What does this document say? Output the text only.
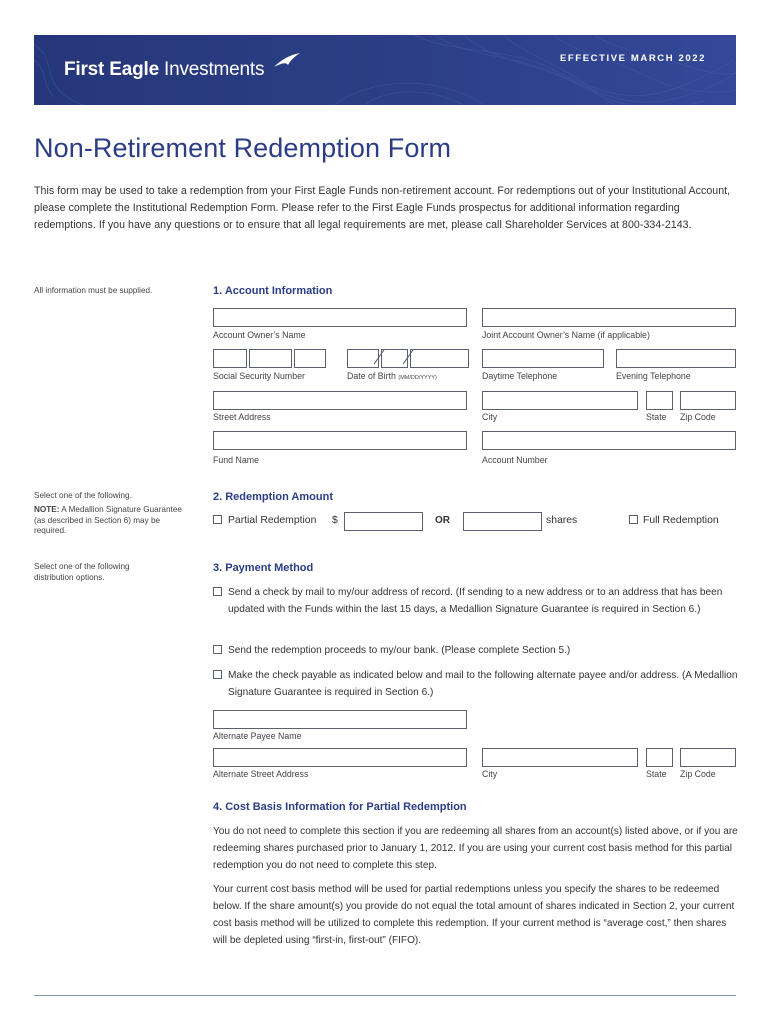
First Eagle Investments
EFFECTIVE MARCH 2022
Non-Retirement Redemption Form
This form may be used to take a redemption from your First Eagle Funds non-retirement account. For redemptions out of your Institutional Account, please complete the Institutional Redemption Form. Please refer to the First Eagle Funds prospectus for additional information regarding redemptions. If you have any questions or to ensure that all legal requirements are met, please call Shareholder Services at 800-334-2143.
All information must be supplied.
Select one of the following.
NOTE: A Medallion Signature Guarantee (as described in Section 6) may be required.
Select one of the following distribution options.
1. Account Information
Account Owner’s Name	Joint Account Owner’s Name (if applicable)
Social Security Number	Date of Birth (MM/DD/YYYY)	Daytime Telephone	Evening Telephone
Street Address	City	State Zip Code
Fund Name	Account Number
2. Redemption Amount
Partial Redemption $	OR	shares	Full Redemption
3. Payment Method
Send a check by mail to my/our address of record. (If sending to a new address or to an address that has been updated with the Funds within the last 15 days, a Medallion Signature Guarantee is required in Section 6.)
Send the redemption proceeds to my/our bank. (Please complete Section 5.)
Make the check payable as indicated below and mail to the following alternate payee and/or address. (A Medallion Signature Guarantee is required in Section 6.)
Alternate Payee Name
Alternate Street Address	City	State Zip Code
4. Cost Basis Information for Partial Redemption
You do not need to complete this section if you are redeeming all shares from an account(s) listed above, or if you are redeeming shares purchased prior to January 1, 2012. If you are using your current cost basis method for this partial redemption you do not need to complete this step.
Your current cost basis method will be used for partial redemptions unless you specify the shares to be redeemed below. If the share amount(s) you provide do not equal the total amount of shares indicated in Section 2, your current cost basis method will be utilized to complete this redemption. If your current method is “average cost,” then shares will be depleted using “first-in, first-out” (FIFO).
